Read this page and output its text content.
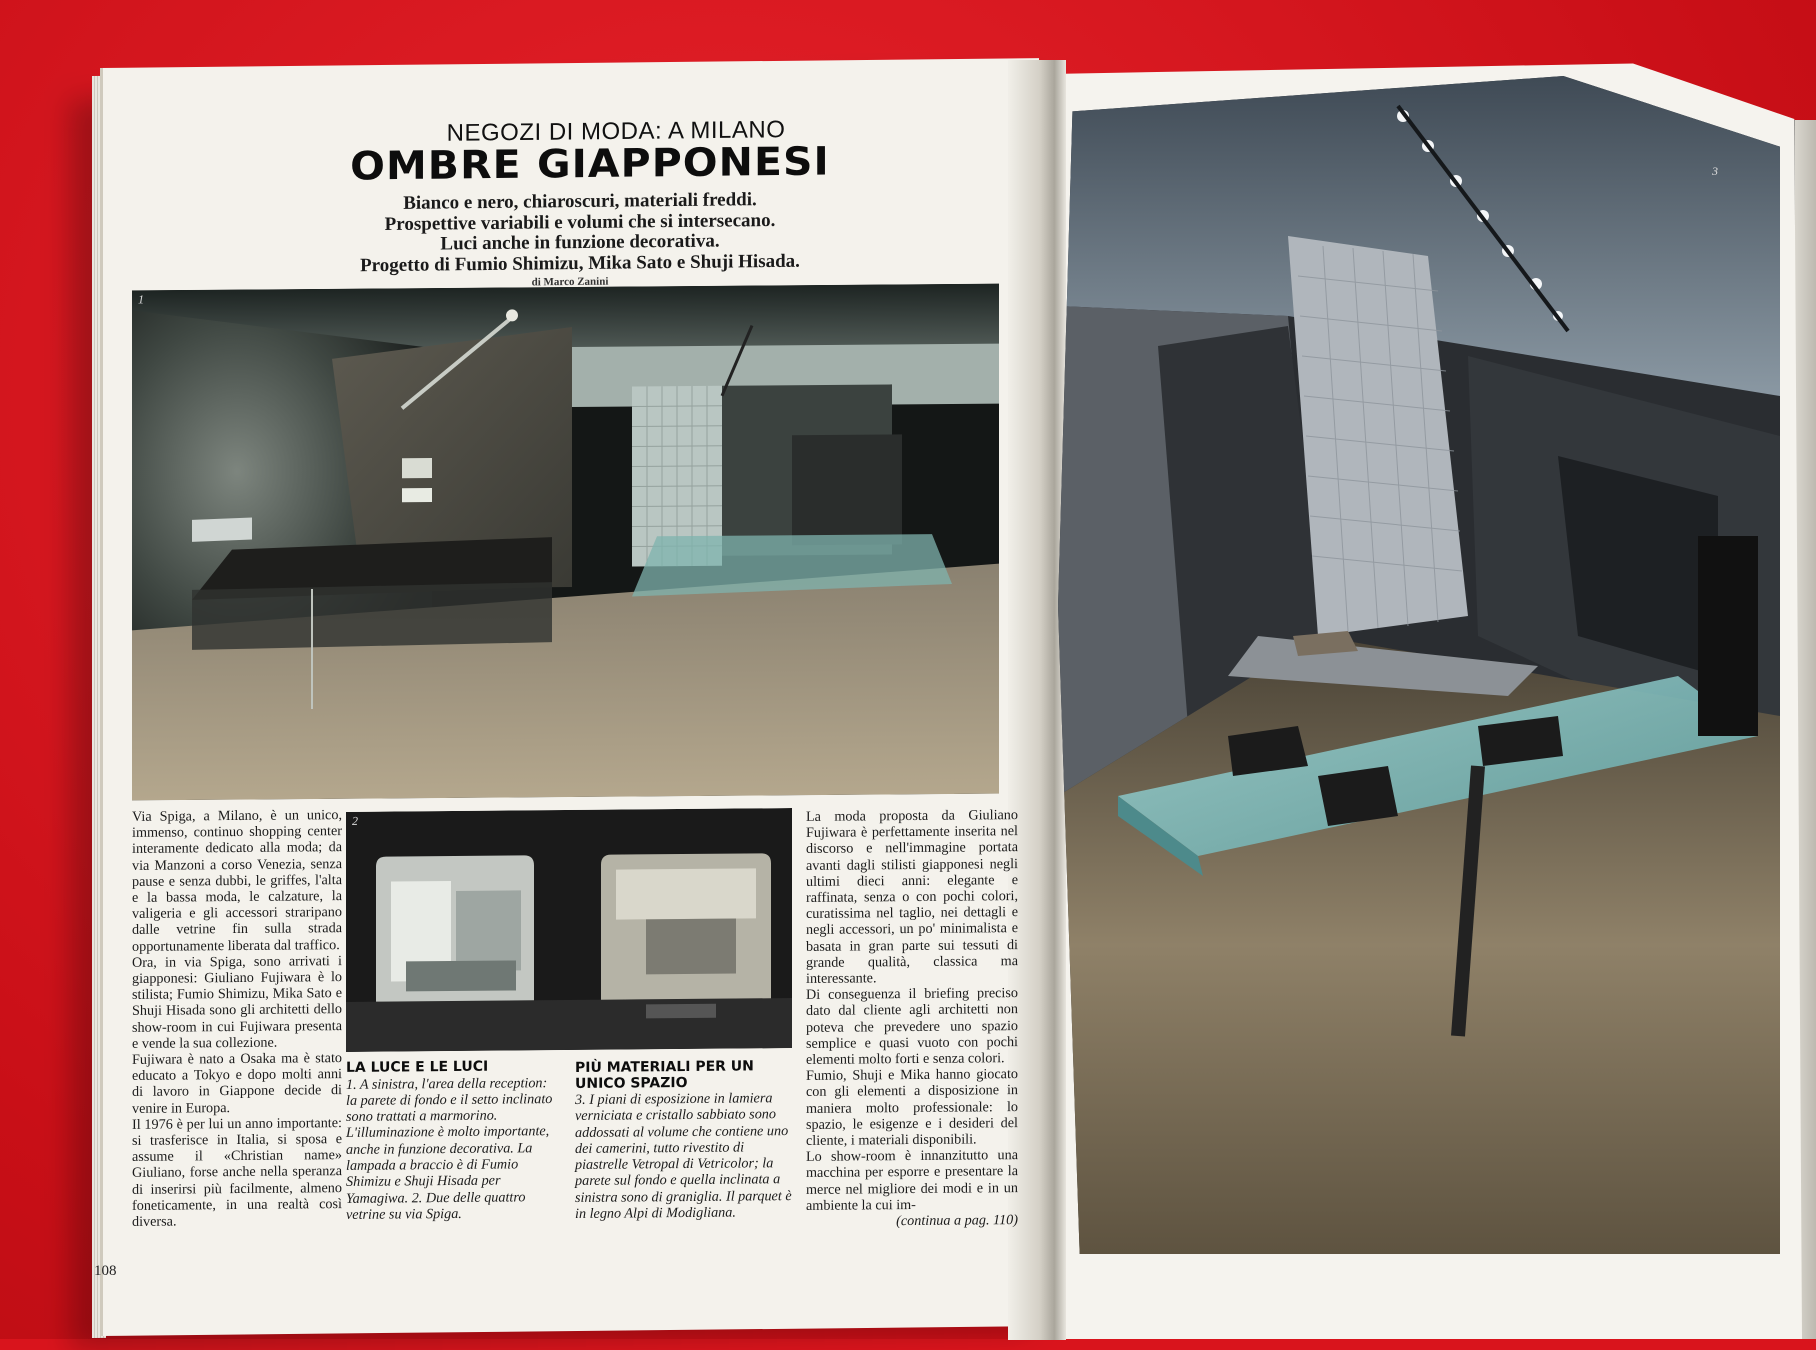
NEGOZI DI MODA: A MILANO
OMBRE GIAPPONESI
Bianco e nero, chiaroscuri, materiali freddi.
Prospettive variabili e volumi che si intersecano.
Luci anche in funzione decorativa.
Progetto di Fumio Shimizu, Mika Sato e Shuji Hisada.
di Marco Zanini
1

Via Spiga, a Milano, è un unico, immenso, continuo shopping center interamente dedicato alla moda; da via Manzoni a corso Venezia, senza pause e senza dubbi, le griffes, l'alta e la bassa moda, le calzature, la valigeria e gli accessori straripano dalle vetrine fin sulla strada opportunamente liberata dal traffico.

Ora, in via Spiga, sono arrivati i giapponesi: Giuliano Fujiwara è lo stilista; Fumio Shimizu, Mika Sato e Shuji Hisada sono gli architetti dello show-room in cui Fujiwara presenta e vende la sua collezione.

Fujiwara è nato a Osaka ma è stato educato a Tokyo e dopo molti anni di lavoro in Giappone decide di venire in Europa.

Il 1976 è per lui un anno importante: si trasferisce in Italia, si sposa e assume il «Christian name» Giuliano, forse anche nella speranza di inserirsi più facilmente, almeno foneticamente, in una realtà così diversa.

2
LA LUCE E LE LUCI
1. A sinistra, l'area della reception: la parete di fondo e il setto inclinato sono trattati a marmorino. L'illuminazione è molto importante, anche in funzione decorativa. La lampada a braccio è di Fumio Shimizu e Shuji Hisada per Yamagiwa. 2. Due delle quattro vetrine su via Spiga.
PIÙ MATERIALI PER UN UNICO SPAZIO
3. I piani di esposizione in lamiera verniciata e cristallo sabbiato sono addossati al volume che contiene uno dei camerini, tutto rivestito di piastrelle Vetropal di Vetricolor; la parete sul fondo e quella inclinata a sinistra sono di graniglia. Il parquet è in legno Alpi di Modigliana.

La moda proposta da Giuliano Fujiwara è perfettamente inserita nel discorso e nell'immagine portata avanti dagli stilisti giapponesi negli ultimi dieci anni: elegante e raffinata, senza o con pochi colori, curatissima nel taglio, nei dettagli e negli accessori, un po' minimalista e basata in gran parte sui tessuti di grande qualità, classica ma interessante.

Di conseguenza il briefing preciso dato dal cliente agli architetti non poteva che prevedere uno spazio semplice e quasi vuoto con pochi elementi molto forti e senza colori.

Fumio, Shuji e Mika hanno giocato con gli elementi a disposizione in maniera molto professionale: lo spazio, le esigenze e i desideri del cliente, i materiali disponibili.

Lo show-room è innanzitutto una macchina per esporre e presentare la merce nel migliore dei modi e in un ambiente la cui im-

(continua a pag. 110)

108
3
